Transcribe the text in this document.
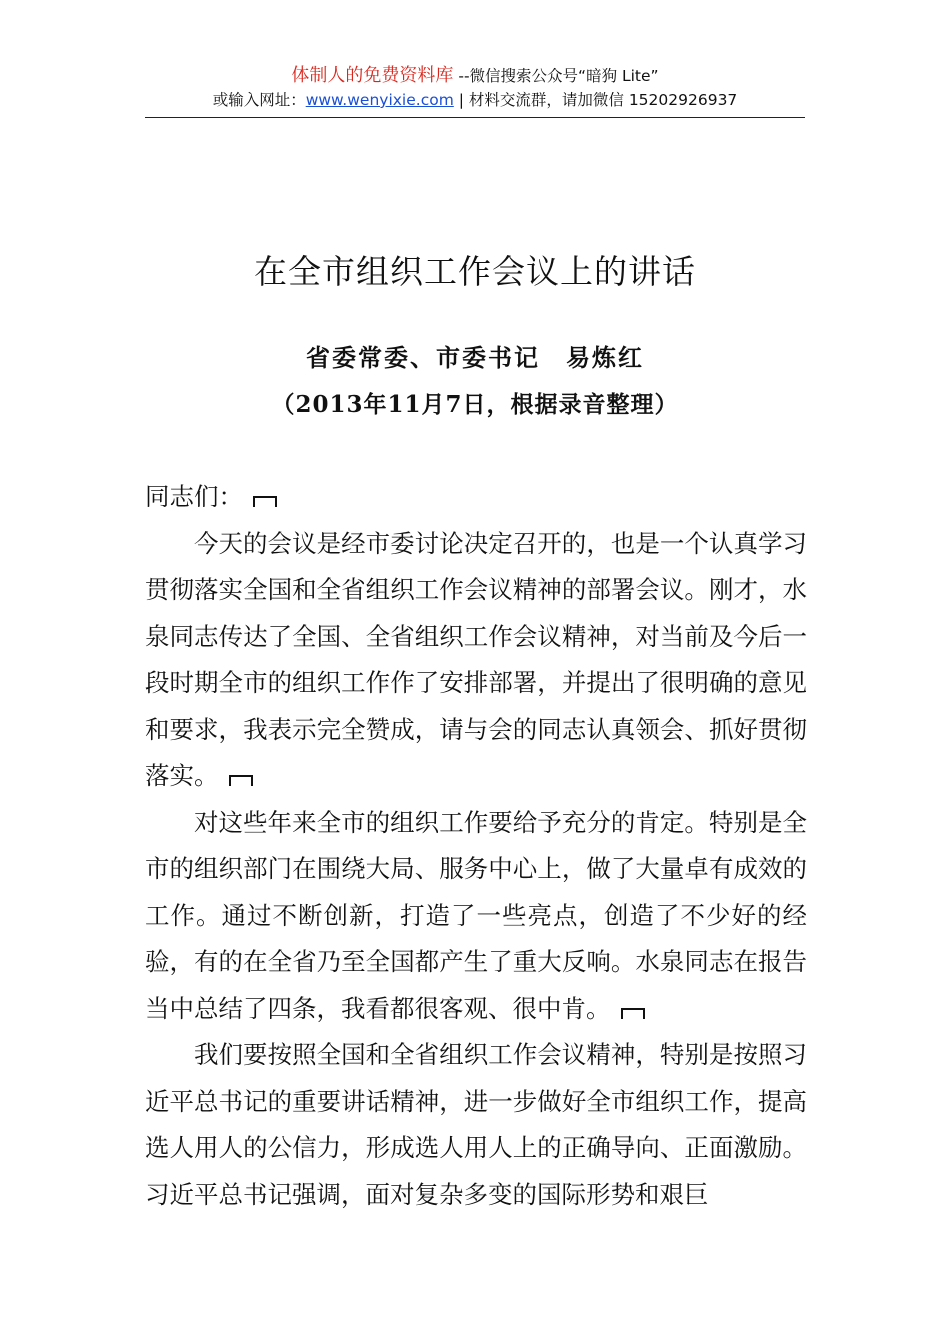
体制人的免费资料库 --微信搜索公众号“暗狗 Lite”
或输入网址：www.wenyixie.com | 材料交流群，请加微信 15202926937
在全市组织工作会议上的讲话
省委常委、市委书记 易炼红
（2013年11月7日，根据录音整理）

同志们：

今天的会议是经市委讨论决定召开的，也是一个认真学习贯彻落实全国和全省组织工作会议精神的部署会议。刚才，水泉同志传达了全国、全省组织工作会议精神，对当前及今后一段时期全市的组织工作作了安排部署，并提出了很明确的意见和要求，我表示完全赞成，请与会的同志认真领会、抓好贯彻落实。

对这些年来全市的组织工作要给予充分的肯定。特别是全市的组织部门在围绕大局、服务中心上，做了大量卓有成效的工作。通过不断创新，打造了一些亮点，创造了不少好的经验，有的在全省乃至全国都产生了重大反响。水泉同志在报告当中总结了四条，我看都很客观、很中肯。

我们要按照全国和全省组织工作会议精神，特别是按照习近平总书记的重要讲话精神，进一步做好全市组织工作，提高选人用人的公信力，形成选人用人上的正确导向、正面激励。习近平总书记强调，面对复杂多变的国际形势和艰巨
